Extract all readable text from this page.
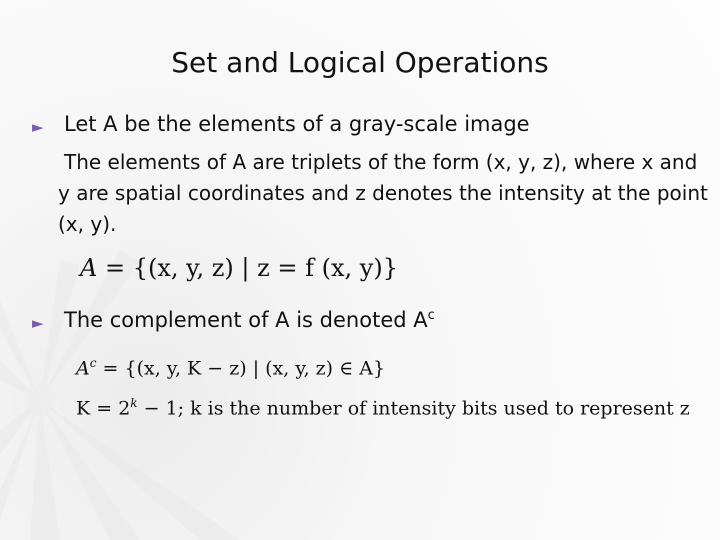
Set and Logical Operations
► Let A be the elements of a gray-scale image
The elements of A are triplets of the form (x, y, z), where x and y are spatial coordinates and z denotes the intensity at the point (x, y).
A = {(x, y, z) | z = f (x, y)}
► The complement of A is denoted $A^c$
$A^c = \{(x$, y, K − z) | (x, y, z) ∈ A}
$K = 2^k - 1$; k is the number of intensity bits used to represent z
